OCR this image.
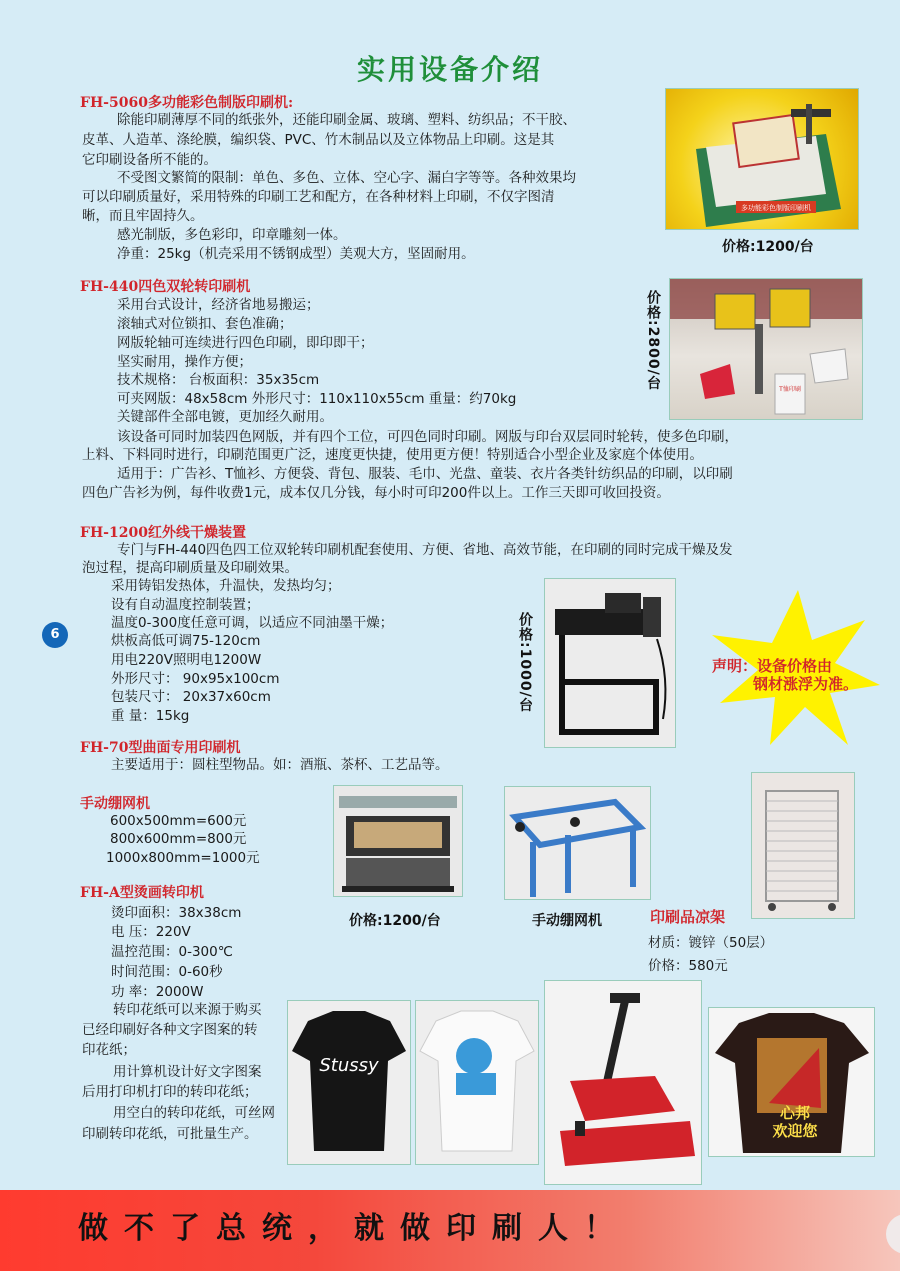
实用设备介绍
FH-5060多功能彩色制版印刷机:
除能印刷薄厚不同的纸张外，还能印刷金属、玻璃、塑料、纺织品；不干胶、
皮革、人造革、涤纶膜，编织袋、PVC、竹木制品以及立体物品上印刷。这是其
它印刷设备所不能的。
不受图文繁简的限制：单色、多色、立体、空心字、漏白字等等。各种效果均
可以印刷质量好，采用特殊的印刷工艺和配方，在各种材料上印刷，不仅字图清
晰，而且牢固持久。
感光制版，多色彩印，印章雕刻一体。
净重：25kg（机壳采用不锈钢成型）美观大方，坚固耐用。
多功能彩色制版印刷机
价格:1200/台
FH-440四色双轮转印刷机
采用台式设计，经济省地易搬运；
滚轴式对位锁扣、套色准确；
网版轮轴可连续进行四色印刷，即印即干；
坚实耐用，操作方便；
技术规格： 台板面积：35x35cm
可夹网版：48x58cm 外形尺寸：110x110x55cm 重量：约70kg
关键部件全部电镀，更加经久耐用。
该设备可同时加装四色网版，并有四个工位，可四色同时印刷。网版与印台双层同时轮转，使多色印刷，
上料、下料同时进行，印刷范围更广泛，速度更快捷，使用更方便！特别适合小型企业及家庭个体使用。
适用于：广告衫、T恤衫、方便袋、背包、服装、毛巾、光盘、童装、衣片各类针纺织品的印刷，以印刷
四色广告衫为例，每件收费1元，成本仅几分钱，每小时可印200件以上。工作三天即可收回投资。
价格:2800/台	T恤印刷
FH-1200红外线干燥装置
专门与FH-440四色四工位双轮转印刷机配套使用、方便、省地、高效节能，在印刷的同时完成干燥及发
泡过程，提高印刷质量及印刷效果。
采用铸铝发热体，升温快，发热均匀；
设有自动温度控制装置；
温度0-300度任意可调，以适应不同油墨干燥；
烘板高低可调75-120cm
用电220V照明电1200W
外形尺寸： 90x95x100cm
包装尺寸： 20x37x60cm
重 量：15kg
6	价格:1000/台	声明：设备价格由
钢材涨浮为准。
FH-70型曲面专用印刷机
主要适用于：圆柱型物品。如：酒瓶、茶杯、工艺品等。
手动绷网机
600x500mm=600元
800x600mm=800元
1000x800mm=1000元
价格:1200/台	手动绷网机	印刷品凉架
材质：镀锌（50层）
价格：580元
FH-A型烫画转印机
烫印面积：38x38cm
电 压：220V
温控范围：0-300℃
时间范围：0-60秒
功 率：2000W
转印花纸可以来源于购买
已经印刷好各种文字图案的转
印花纸；
用计算机设计好文字图案
后用打印机打印的转印花纸；
用空白的转印花纸，可丝网
印刷转印花纸，可批量生产。
Stussy
心邦
欢迎您
做不了总统，就做印刷人！
